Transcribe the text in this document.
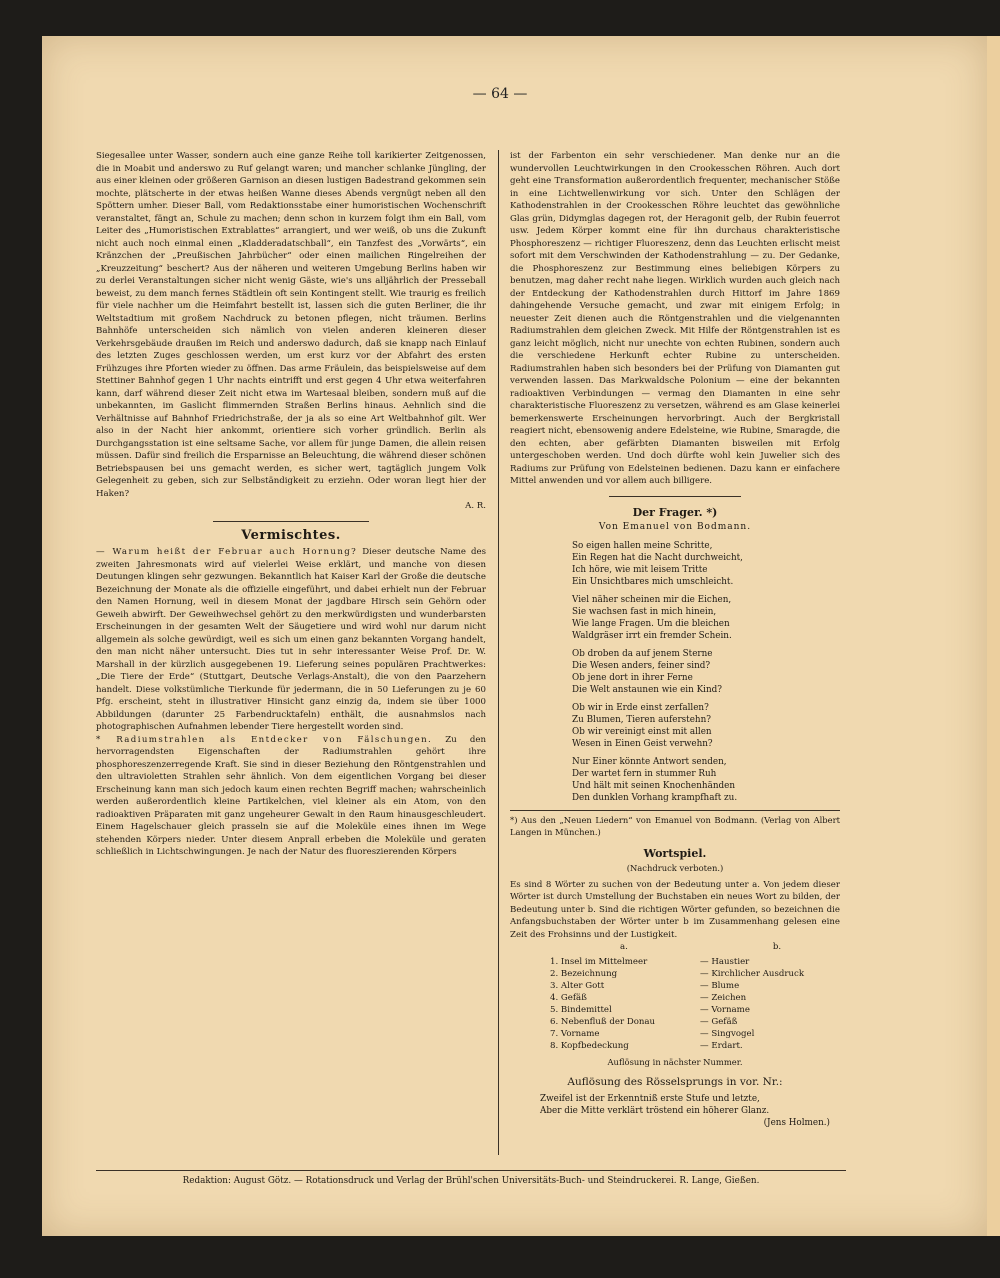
— 64 —

Siegesallee unter Wasser, sondern auch eine ganze Reihe toll karikierter Zeitgenossen, die in Moabit und anderswo zu Ruf gelangt waren; und mancher schlanke Jüngling, der aus einer kleinen oder größeren Garnison an diesen lustigen Badestrand gekommen sein mochte, plätscherte in der etwas heißen Wanne dieses Abends vergnügt neben all den Spöttern umher. Dieser Ball, vom Redaktionsstabe einer humoristischen Wochenschrift veranstaltet, fängt an, Schule zu machen; denn schon in kurzem folgt ihm ein Ball, vom Leiter des „Humoristischen Extrablattes“ arrangiert, und wer weiß, ob uns die Zukunft nicht auch noch einmal einen „Kladderadatschball“, ein Tanzfest des „Vorwärts“, ein Kränzchen der „Preußischen Jahrbücher“ oder einen mailichen Ringelreihen der „Kreuzzeitung“ beschert? Aus der näheren und weiteren Umgebung Berlins haben wir zu derlei Veranstaltungen sicher nicht wenig Gäste, wie's uns alljährlich der Presseball beweist, zu dem manch fernes Städtlein oft sein Kontingent stellt. Wie traurig es freilich für viele nachher um die Heimfahrt bestellt ist, lassen sich die guten Berliner, die ihr Weltstadtium mit großem Nachdruck zu betonen pflegen, nicht träumen. Berlins Bahnhöfe unterscheiden sich nämlich von vielen anderen kleineren dieser Verkehrsgebäude draußen im Reich und anderswo dadurch, daß sie knapp nach Einlauf des letzten Zuges geschlossen werden, um erst kurz vor der Abfahrt des ersten Frühzuges ihre Pforten wieder zu öffnen. Das arme Fräulein, das beispielsweise auf dem Stettiner Bahnhof gegen 1 Uhr nachts eintrifft und erst gegen 4 Uhr etwa weiterfahren kann, darf während dieser Zeit nicht etwa im Wartesaal bleiben, sondern muß auf die unbekannten, im Gaslicht flimmernden Straßen Berlins hinaus. Aehnlich sind die Verhältnisse auf Bahnhof Friedrichstraße, der ja als so eine Art Weltbahnhof gilt. Wer also in der Nacht hier ankommt, orientiere sich vorher gründlich. Berlin als Durchgangsstation ist eine seltsame Sache, vor allem für junge Damen, die allein reisen müssen. Dafür sind freilich die Ersparnisse an Beleuchtung, die während dieser schönen Betriebspausen bei uns gemacht werden, es sicher wert, tagtäglich jungem Volk Gelegenheit zu geben, sich zur Selbständigkeit zu erziehn. Oder woran liegt hier der Haken?

A. R.
Vermischtes.

— Warum heißt der Februar auch Hornung? Dieser deutsche Name des zweiten Jahresmonats wird auf vielerlei Weise erklärt, und manche von diesen Deutungen klingen sehr gezwungen. Bekanntlich hat Kaiser Karl der Große die deutsche Bezeichnung der Monate als die offizielle eingeführt, und dabei erhielt nun der Februar den Namen Hornung, weil in diesem Monat der jagdbare Hirsch sein Gehörn oder Geweih abwirft. Der Geweihwechsel gehört zu den merkwürdigsten und wunderbarsten Erscheinungen in der gesamten Welt der Säugetiere und wird wohl nur darum nicht allgemein als solche gewürdigt, weil es sich um einen ganz bekannten Vorgang handelt, den man nicht näher untersucht. Dies tut in sehr interessanter Weise Prof. Dr. W. Marshall in der kürzlich ausgegebenen 19. Lieferung seines populären Prachtwerkes: „Die Tiere der Erde“ (Stuttgart, Deutsche Verlags-Anstalt), die von den Paarzehern handelt. Diese volkstümliche Tierkunde für jedermann, die in 50 Lieferungen zu je 60 Pfg. erscheint, steht in illustrativer Hinsicht ganz einzig da, indem sie über 1000 Abbildungen (darunter 25 Farbendrucktafeln) enthält, die ausnahmslos nach photographischen Aufnahmen lebender Tiere hergestellt worden sind.

* Radiumstrahlen als Entdecker von Fälschungen. Zu den hervorragendsten Eigenschaften der Radiumstrahlen gehört ihre phosphoreszenzerregende Kraft. Sie sind in dieser Beziehung den Röntgenstrahlen und den ultravioletten Strahlen sehr ähnlich. Von dem eigentlichen Vorgang bei dieser Erscheinung kann man sich jedoch kaum einen rechten Begriff machen; wahrscheinlich werden außerordentlich kleine Partikelchen, viel kleiner als ein Atom, von den radioaktiven Präparaten mit ganz ungeheurer Gewalt in den Raum hinausgeschleudert. Einem Hagelschauer gleich prasseln sie auf die Moleküle eines ihnen im Wege stehenden Körpers nieder. Unter diesem Anprall erbeben die Moleküle und geraten schließlich in Lichtschwingungen. Je nach der Natur des fluoreszierenden Körpers

ist der Farbenton ein sehr verschiedener. Man denke nur an die wundervollen Leuchtwirkungen in den Crookesschen Röhren. Auch dort geht eine Transformation außerordentlich frequenter, mechanischer Stöße in eine Lichtwellenwirkung vor sich. Unter den Schlägen der Kathodenstrahlen in der Crookesschen Röhre leuchtet das gewöhnliche Glas grün, Didymglas dagegen rot, der Heragonit gelb, der Rubin feuerrot usw. Jedem Körper kommt eine für ihn durchaus charakteristische Phosphoreszenz — richtiger Fluoreszenz, denn das Leuchten erlischt meist sofort mit dem Verschwinden der Kathodenstrahlung — zu. Der Gedanke, die Phosphoreszenz zur Bestimmung eines beliebigen Körpers zu benutzen, mag daher recht nahe liegen. Wirklich wurden auch gleich nach der Entdeckung der Kathodenstrahlen durch Hittorf im Jahre 1869 dahingehende Versuche gemacht, und zwar mit einigem Erfolg; in neuester Zeit dienen auch die Röntgenstrahlen und die vielgenannten Radiumstrahlen dem gleichen Zweck. Mit Hilfe der Röntgenstrahlen ist es ganz leicht möglich, nicht nur unechte von echten Rubinen, sondern auch die verschiedene Herkunft echter Rubine zu unterscheiden. Radiumstrahlen haben sich besonders bei der Prüfung von Diamanten gut verwenden lassen. Das Markwaldsche Polonium — eine der bekannten radioaktiven Verbindungen — vermag den Diamanten in eine sehr charakteristische Fluoreszenz zu versetzen, während es am Glase keinerlei bemerkenswerte Erscheinungen hervorbringt. Auch der Bergkristall reagiert nicht, ebensowenig andere Edelsteine, wie Rubine, Smaragde, die den echten, aber gefärbten Diamanten bisweilen mit Erfolg untergeschoben werden. Und doch dürfte wohl kein Juwelier sich des Radiums zur Prüfung von Edelsteinen bedienen. Dazu kann er einfachere Mittel anwenden und vor allem auch billigere.

Der Frager. *)
Von Emanuel von Bodmann.
So eigen hallen meine Schritte,
Ein Regen hat die Nacht durchweicht,
Ich höre, wie mit leisem Tritte
Ein Unsichtbares mich umschleicht.
Viel näher scheinen mir die Eichen,
Sie wachsen fast in mich hinein,
Wie lange Fragen. Um die bleichen
Waldgräser irrt ein fremder Schein.
Ob droben da auf jenem Sterne
Die Wesen anders, feiner sind?
Ob jene dort in ihrer Ferne
Die Welt anstaunen wie ein Kind?
Ob wir in Erde einst zerfallen?
Zu Blumen, Tieren auferstehn?
Ob wir vereinigt einst mit allen
Wesen in Einen Geist verwehn?
Nur Einer könnte Antwort senden,
Der wartet fern in stummer Ruh
Und hält mit seinen Knochenhänden
Den dunklen Vorhang krampfhaft zu.
*) Aus den „Neuen Liedern“ von Emanuel von Bodmann. (Verlag von Albert Langen in München.)
Wortspiel.
(Nachdruck verboten.)

Es sind 8 Wörter zu suchen von der Bedeutung unter a. Von jedem dieser Wörter ist durch Umstellung der Buchstaben ein neues Wort zu bilden, der Bedeutung unter b. Sind die richtigen Wörter gefunden, so bezeichnen die Anfangsbuchstaben der Wörter unter b im Zusammenhang gelesen eine Zeit des Frohsinns und der Lustigkeit.

a.	b.
1. Insel im Mittelmeer	— Haustier
2. Bezeichnung	— Kirchlicher Ausdruck
3. Alter Gott	— Blume
4. Gefäß	— Zeichen
5. Bindemittel	— Vorname
6. Nebenfluß der Donau	— Gefäß
7. Vorname	— Singvogel
8. Kopfbedeckung	— Erdart.
Auflösung in nächster Nummer.
Auflösung des Rösselsprungs in vor. Nr.:
Zweifel ist der Erkenntniß erste Stufe und letzte,
Aber die Mitte verklärt tröstend ein höherer Glanz.
(Jens Holmen.)
Redaktion: August Götz. — Rotationsdruck und Verlag der Brühl'schen Universitäts-Buch- und Steindruckerei. R. Lange, Gießen.
